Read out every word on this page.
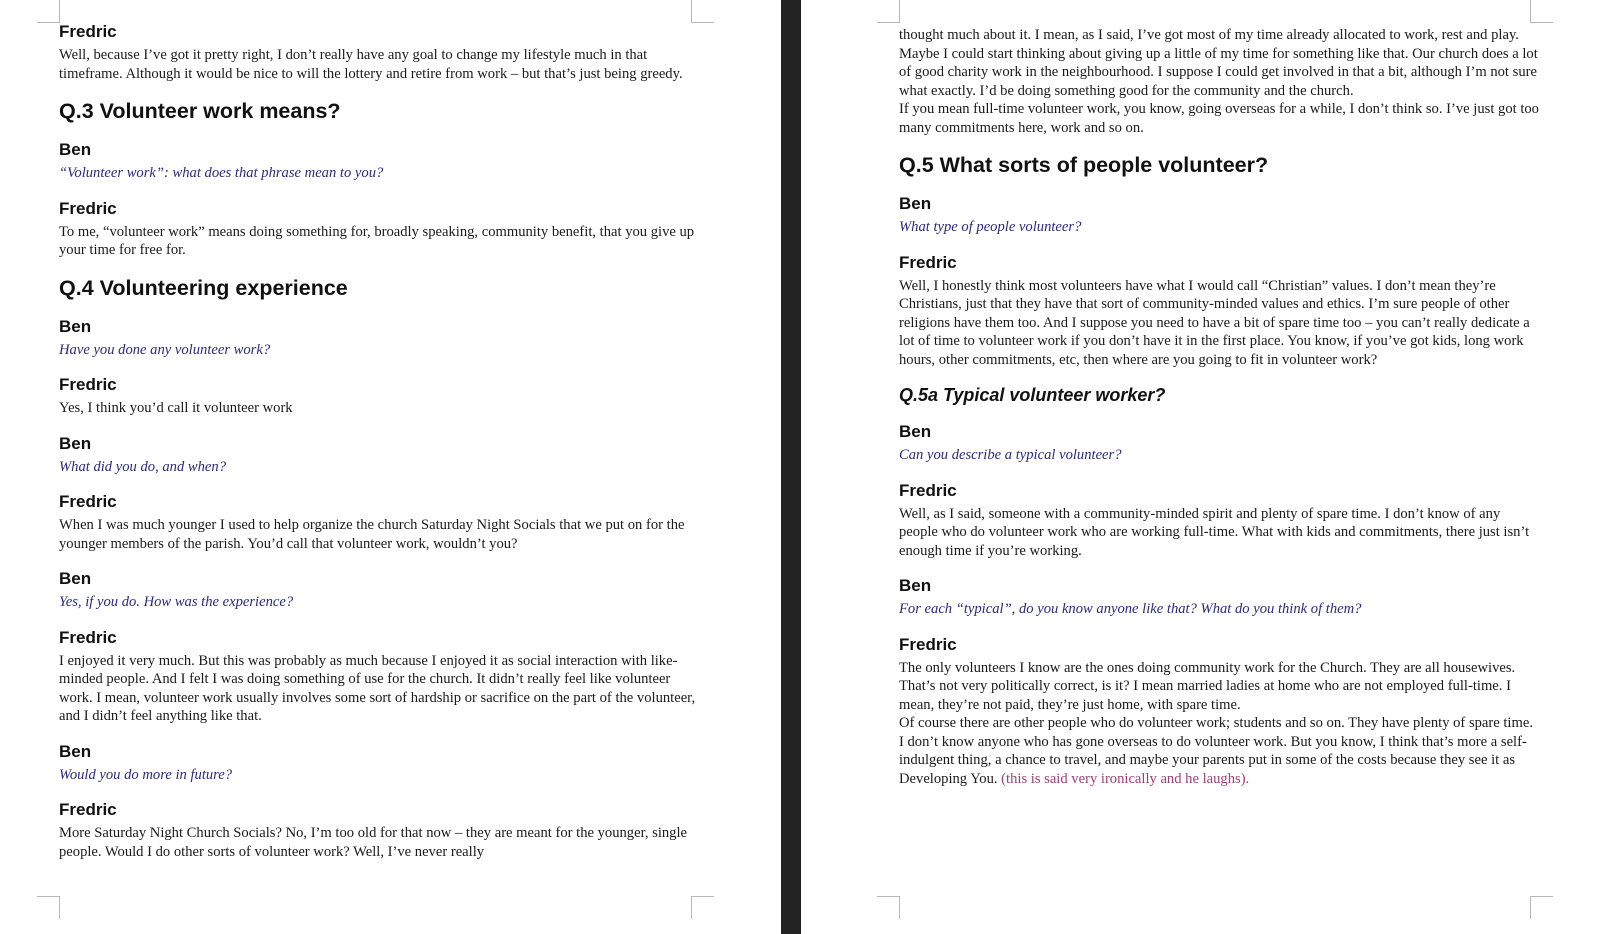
Fredric
Well, because I’ve got it pretty right, I don’t really have any goal to change my lifestyle much in that timeframe. Although it would be nice to will the lottery and retire from work – but that’s just being greedy.
Q.3 Volunteer work means?
Ben
“Volunteer work”: what does that phrase mean to you?
Fredric
To me, “volunteer work” means doing something for, broadly speaking, community benefit, that you give up your time for free for.
Q.4 Volunteering experience
Ben
Have you done any volunteer work?
Fredric
Yes, I think you’d call it volunteer work
Ben
What did you do, and when?
Fredric
When I was much younger I used to help organize the church Saturday Night Socials that we put on for the younger members of the parish. You’d call that volunteer work, wouldn’t you?
Ben
Yes, if you do. How was the experience?
Fredric
I enjoyed it very much. But this was probably as much because I enjoyed it as social interaction with like-minded people. And I felt I was doing something of use for the church. It didn’t really feel like volunteer work. I mean, volunteer work usually involves some sort of hardship or sacrifice on the part of the volunteer, and I didn’t feel anything like that.
Ben
Would you do more in future?
Fredric
More Saturday Night Church Socials? No, I’m too old for that now – they are meant for the younger, single people. Would I do other sorts of volunteer work? Well, I’ve never really
thought much about it. I mean, as I said, I’ve got most of my time already allocated to work, rest and play. Maybe I could start thinking about giving up a little of my time for something like that. Our church does a lot of good charity work in the neighbourhood. I suppose I could get involved in that a bit, although I’m not sure what exactly. I’d be doing something good for the community and the church.
If you mean full-time volunteer work, you know, going overseas for a while, I don’t think so. I’ve just got too many commitments here, work and so on.
Q.5 What sorts of people volunteer?
Ben
What type of people volunteer?
Fredric
Well, I honestly think most volunteers have what I would call “Christian” values. I don’t mean they’re Christians, just that they have that sort of community-minded values and ethics. I’m sure people of other religions have them too. And I suppose you need to have a bit of spare time too – you can’t really dedicate a lot of time to volunteer work if you don’t have it in the first place. You know, if you’ve got kids, long work hours, other commitments, etc, then where are you going to fit in volunteer work?
Q.5a Typical volunteer worker?
Ben
Can you describe a typical volunteer?
Fredric
Well, as I said, someone with a community-minded spirit and plenty of spare time. I don’t know of any people who do volunteer work who are working full-time. What with kids and commitments, there just isn’t enough time if you’re working.
Ben
For each “typical”, do you know anyone like that? What do you think of them?
Fredric
The only volunteers I know are the ones doing community work for the Church. They are all housewives. That’s not very politically correct, is it? I mean married ladies at home who are not employed full-time. I mean, they’re not paid, they’re just home, with spare time.
Of course there are other people who do volunteer work; students and so on. They have plenty of spare time.
I don’t know anyone who has gone overseas to do volunteer work. But you know, I think that’s more a self-indulgent thing, a chance to travel, and maybe your parents put in some of the costs because they see it as Developing You. (this is said very ironically and he laughs).
